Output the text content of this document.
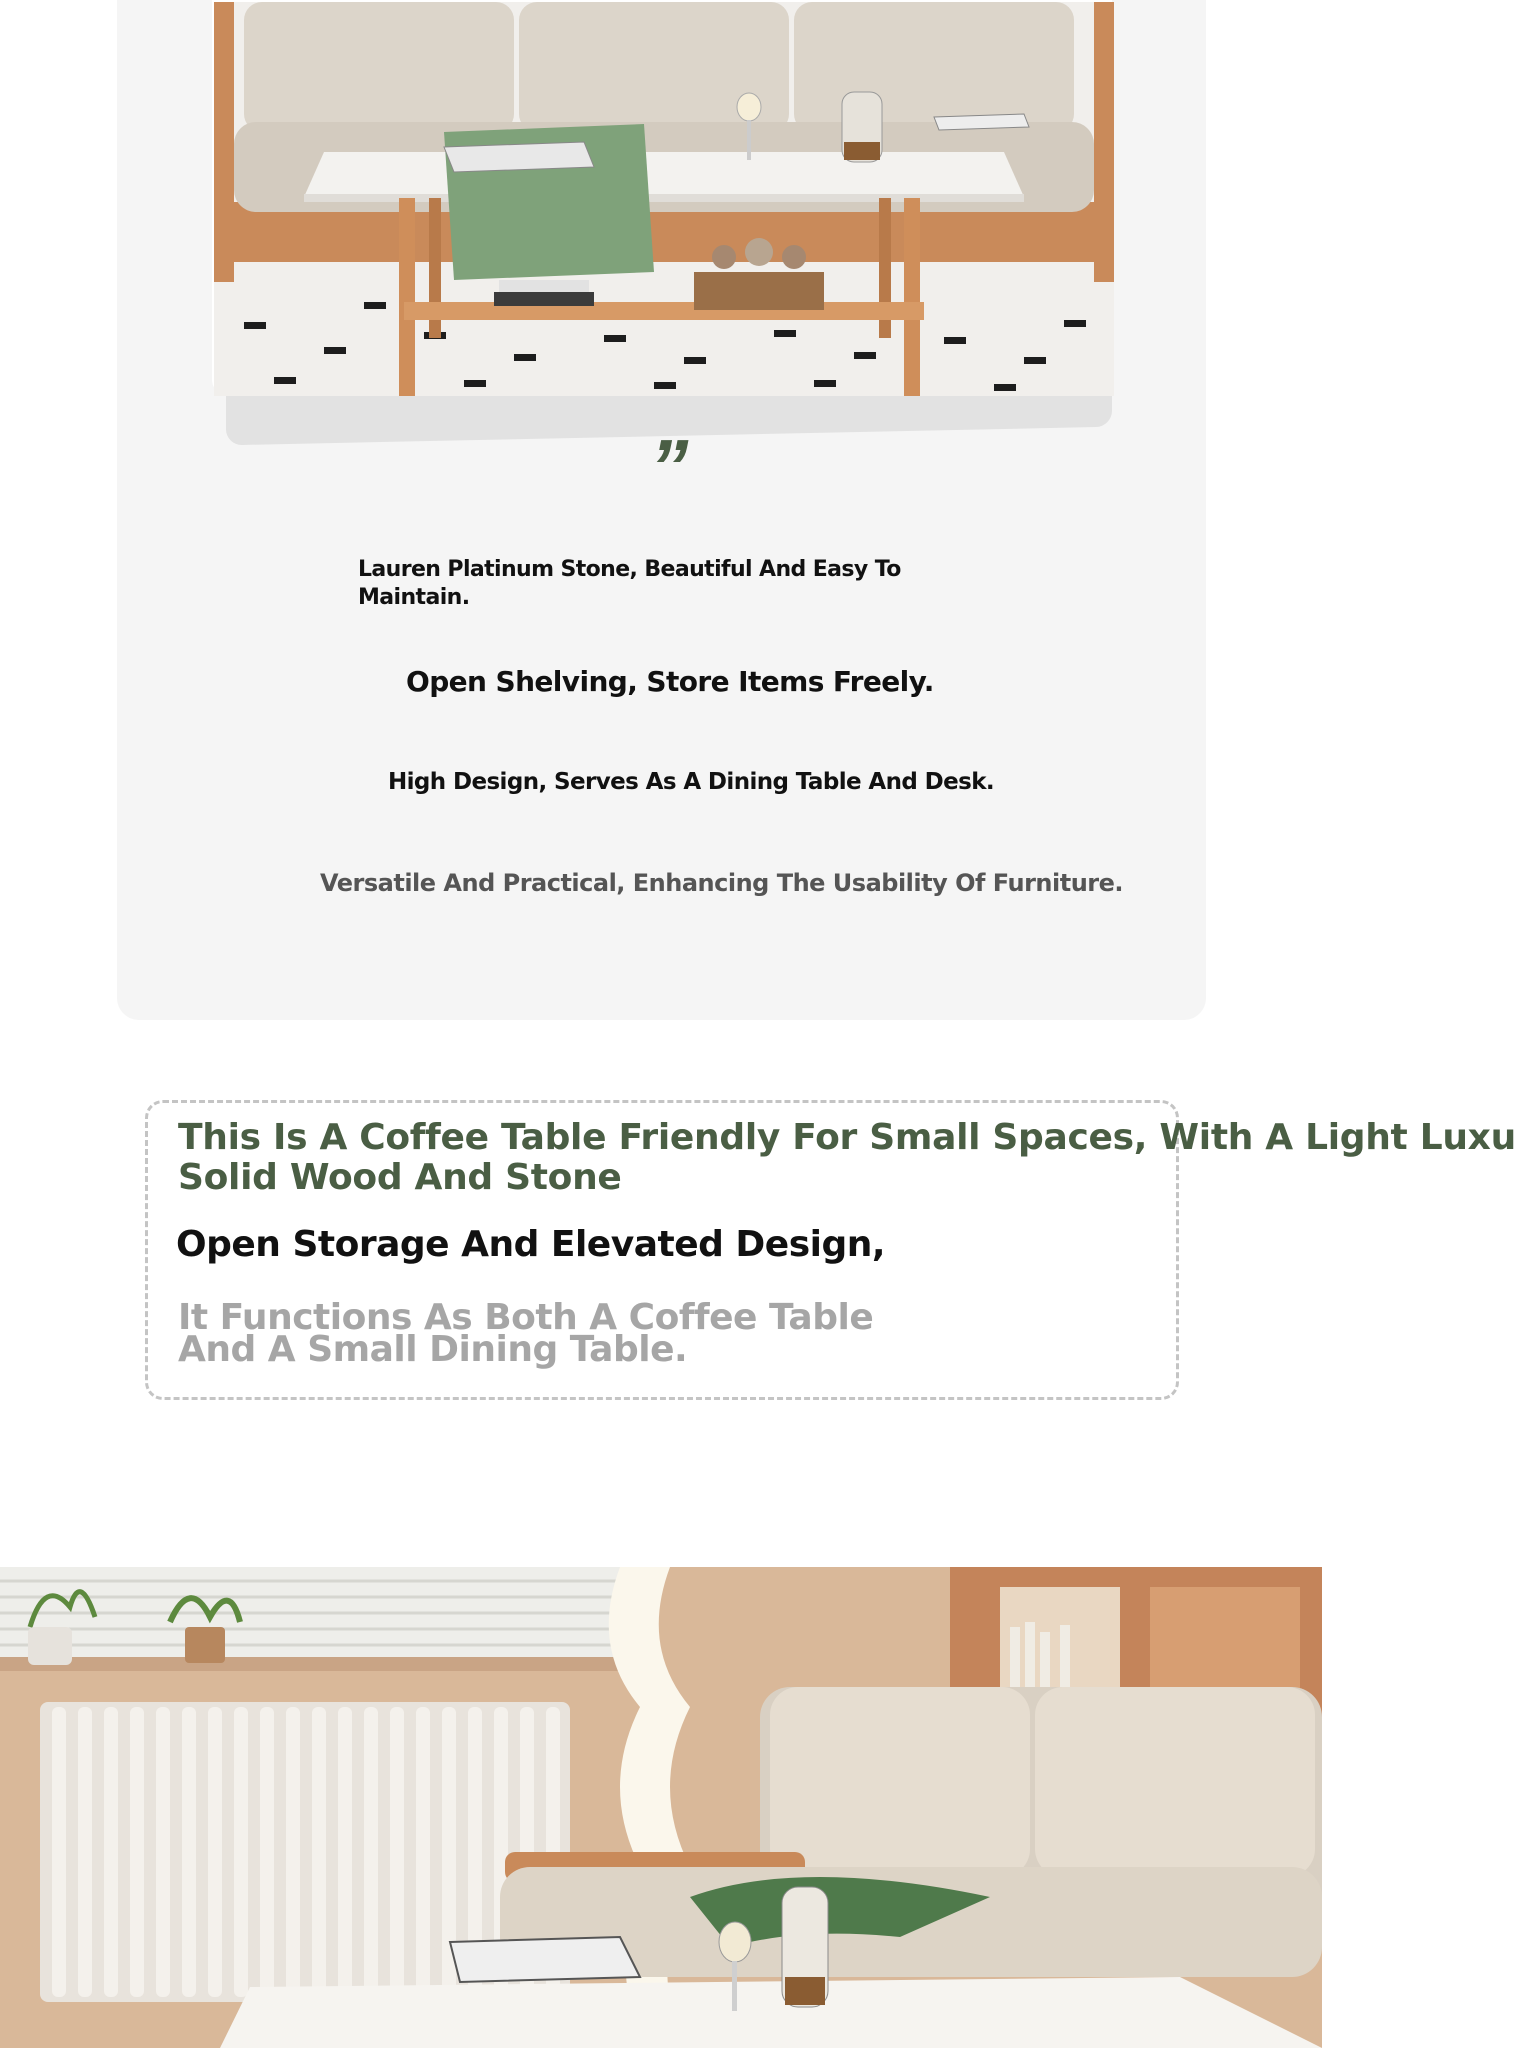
”
Lauren Platinum Stone, Beautiful And Easy To Maintain.
Open Shelving, Store Items Freely.
High Design, Serves As A Dining Table And Desk.
Versatile And Practical, Enhancing The Usability Of Furniture.
This Is A Coffee Table Friendly For Small Spaces, With A Light Luxu
Solid Wood And Stone
Open Storage And Elevated Design,
It Functions As Both A Coffee Table
And A Small Dining Table.
